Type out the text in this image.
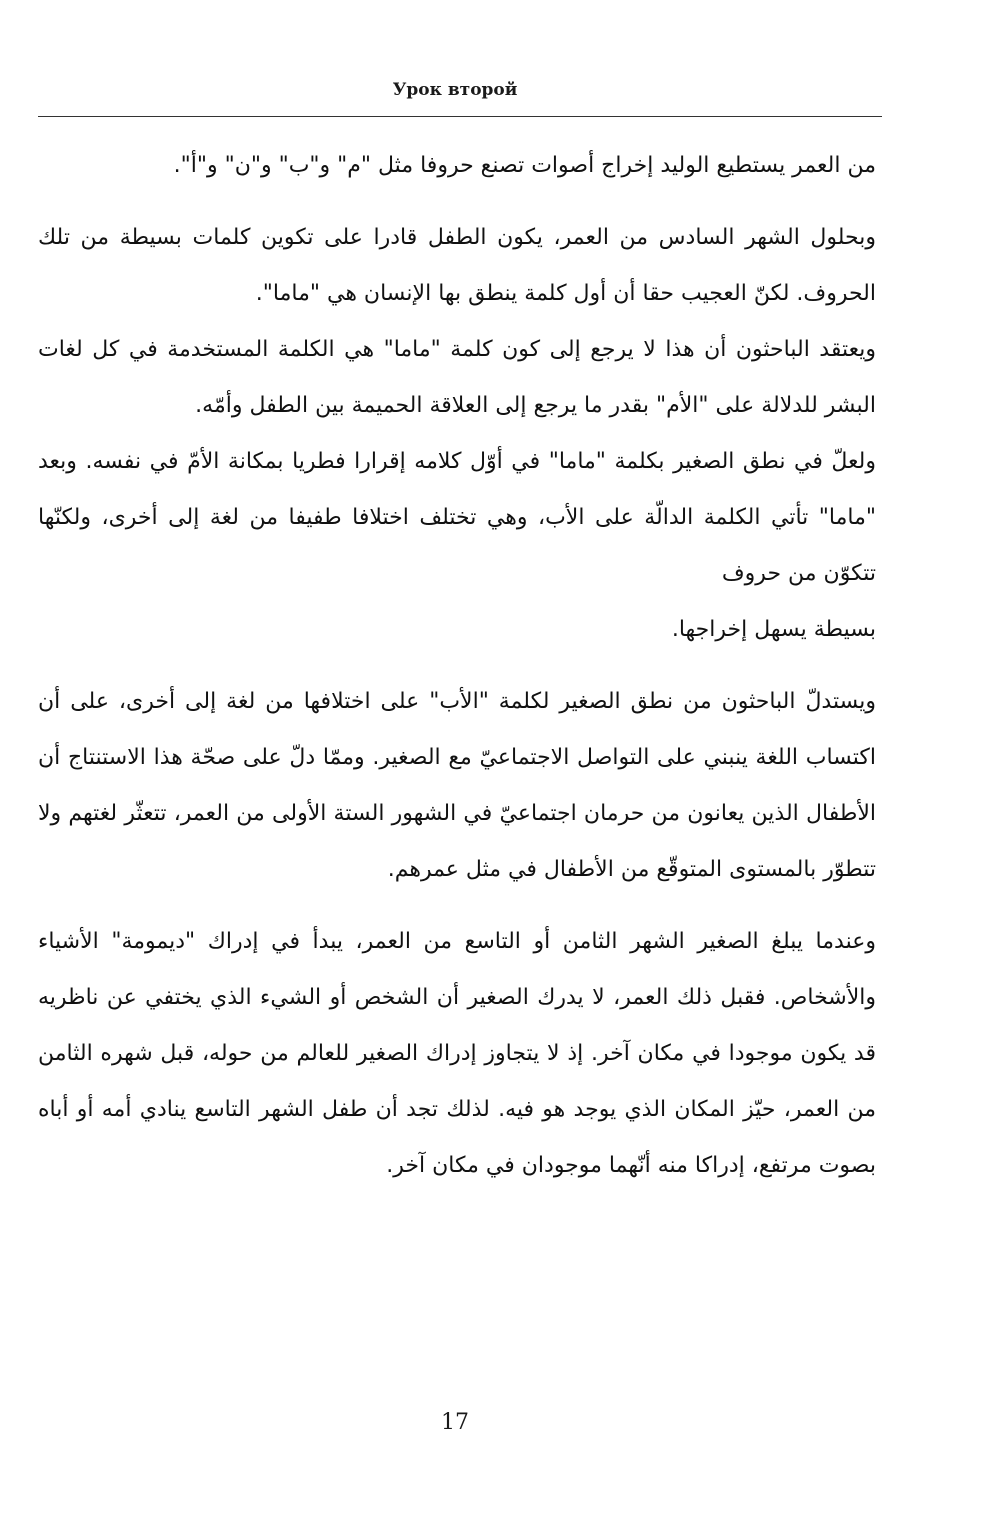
Урок второй

من العمر يستطيع الوليد إخراج أصوات تصنع حروفا مثل "م" و"ب" و"ن" و"أ".

وبحلول الشهر السادس من العمر، يكون الطفل قادرا على تكوين كلمات بسيطة من تلك الحروف. لكنّ العجيب حقا أن أول كلمة ينطق بها الإنسان هي "ماما".

ويعتقد الباحثون أن هذا لا يرجع إلى كون كلمة "ماما" هي الكلمة المستخدمة في كل لغات البشر للدلالة على "الأم" بقدر ما يرجع إلى العلاقة الحميمة بين الطفل وأمّه.

ولعلّ في نطق الصغير بكلمة "ماما" في أوّل كلامه إقرارا فطريا بمكانة الأمّ في نفسه. وبعد "ماما" تأتي الكلمة الدالّة على الأب، وهي تختلف اختلافا طفيفا من لغة إلى أخرى، ولكنّها تتكوّن من حروف

بسيطة يسهل إخراجها.

ويستدلّ الباحثون من نطق الصغير لكلمة "الأب" على اختلافها من لغة إلى أخرى، على أن اكتساب اللغة ينبني على التواصل الاجتماعيّ مع الصغير. وممّا دلّ على صحّة هذا الاستنتاج أن الأطفال الذين يعانون من حرمان اجتماعيّ في الشهور الستة الأولى من العمر، تتعثّر لغتهم ولا تتطوّر بالمستوى المتوقّع من الأطفال في مثل عمرهم.

وعندما يبلغ الصغير الشهر الثامن أو التاسع من العمر، يبدأ في إدراك "ديمومة" الأشياء والأشخاص. فقبل ذلك العمر، لا يدرك الصغير أن الشخص أو الشيء الذي يختفي عن ناظريه قد يكون موجودا في مكان آخر. إذ لا يتجاوز إدراك الصغير للعالم من حوله، قبل شهره الثامن من العمر، حيّز المكان الذي يوجد هو فيه. لذلك تجد أن طفل الشهر التاسع ينادي أمه أو أباه بصوت مرتفع، إدراكا منه أنّهما موجودان في مكان آخر.

17
